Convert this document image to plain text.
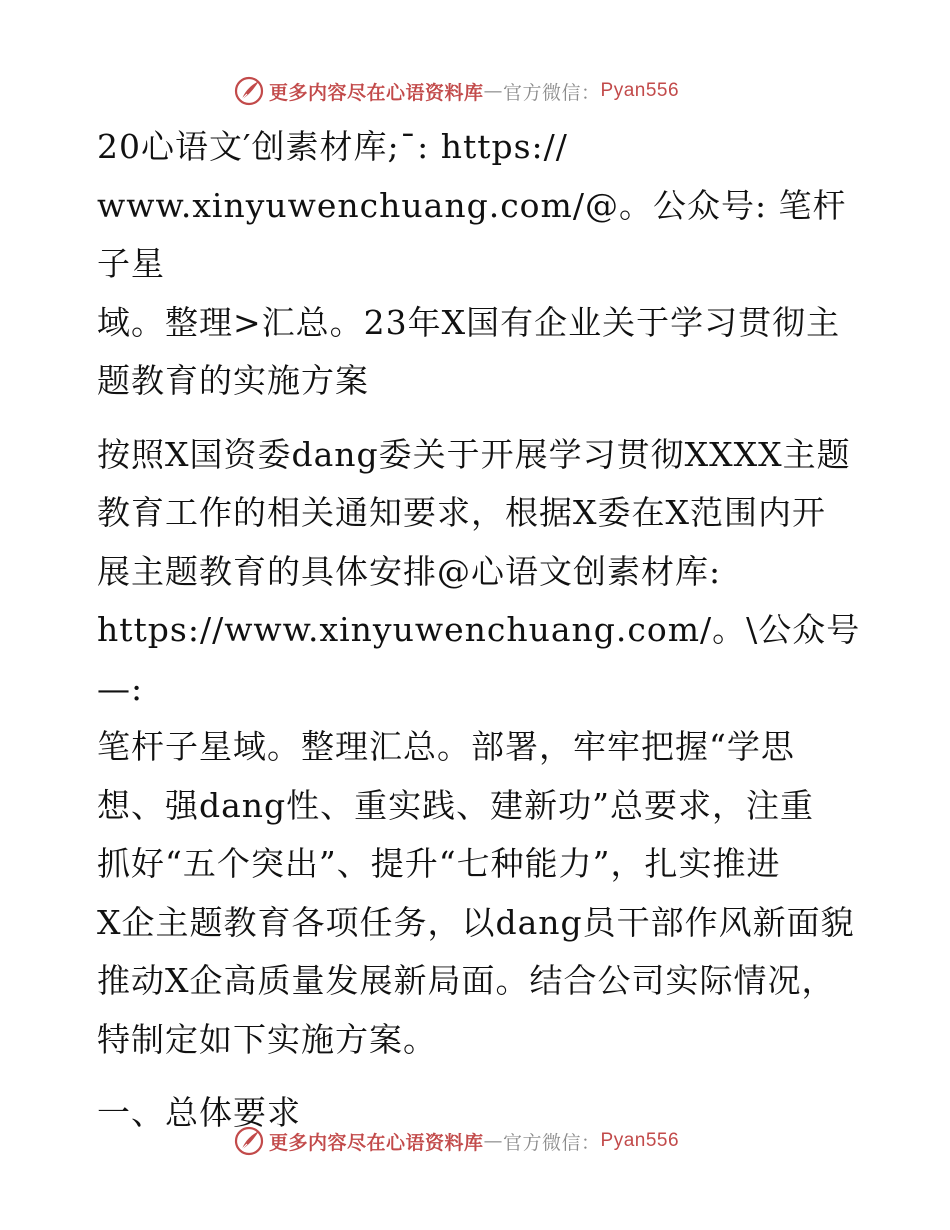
更多内容尽在心语资料库 — 官方微信： Pyan556

20心语文′创素材库;¯: https://
www.xinyuwenchuang.com/@。公众号: 笔杆子星
域。整理>汇总。23年X国有企业关于学习贯彻主
题教育的实施方案

按照X国资委dang委关于开展学习贯彻XXXX主题
教育工作的相关通知要求，根据X委在X范围内开
展主题教育的具体安排@心语文创素材库:
https://www.xinyuwenchuang.com/。\公众号—:
笔杆子星域。整理汇总。部署，牢牢把握“学思
想、强dang性、重实践、建新功”总要求，注重
抓好“五个突出”、提升“七种能力”，扎实推进
X企主题教育各项任务，以dang员干部作风新面貌
推动X企高质量发展新局面。结合公司实际情况，
特制定如下实施方案。

一、总体要求

更多内容尽在心语资料库 — 官方微信： Pyan556
